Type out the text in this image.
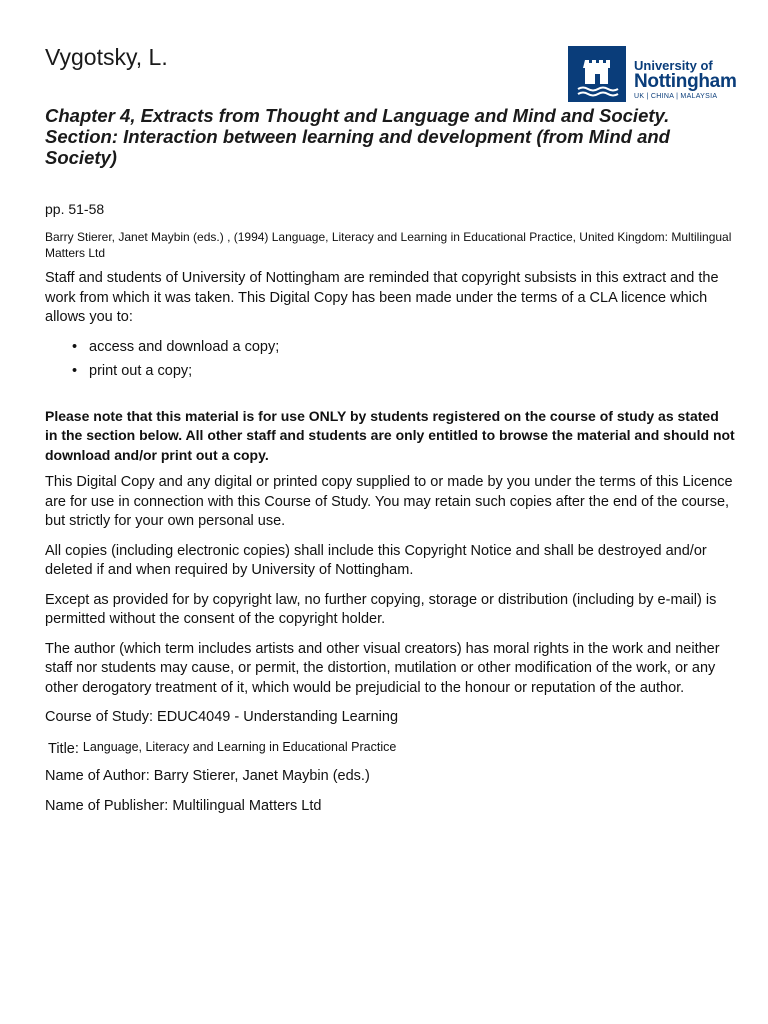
Vygotsky, L.	University of
Nottingham
UK | CHINA | MALAYSIA
Chapter 4, Extracts from Thought and Language and Mind and Society. Section: Interaction between learning and development (from Mind and Society)

pp. 51-58

Barry Stierer, Janet Maybin (eds.) , (1994) Language, Literacy and Learning in Educational Practice, United Kingdom: Multilingual Matters Ltd

Staff and students of University of Nottingham are reminded that copyright subsists in this extract and the work from which it was taken. This Digital Copy has been made under the terms of a CLA licence which allows you to:

• access and download a copy;
• print out a copy;

Please note that this material is for use ONLY by students registered on the course of study as stated in the section below. All other staff and students are only entitled to browse the material and should not download and/or print out a copy.

This Digital Copy and any digital or printed copy supplied to or made by you under the terms of this Licence are for use in connection with this Course of Study. You may retain such copies after the end of the course, but strictly for your own personal use.

All copies (including electronic copies) shall include this Copyright Notice and shall be destroyed and/or deleted if and when required by University of Nottingham.

Except as provided for by copyright law, no further copying, storage or distribution (including by e-mail) is permitted without the consent of the copyright holder.

The author (which term includes artists and other visual creators) has moral rights in the work and neither staff nor students may cause, or permit, the distortion, mutilation or other modification of the work, or any other derogatory treatment of it, which would be prejudicial to the honour or reputation of the author.

Course of Study: EDUC4049 - Understanding Learning

Title: Language, Literacy and Learning in Educational Practice

Name of Author: Barry Stierer, Janet Maybin (eds.)

Name of Publisher: Multilingual Matters Ltd
